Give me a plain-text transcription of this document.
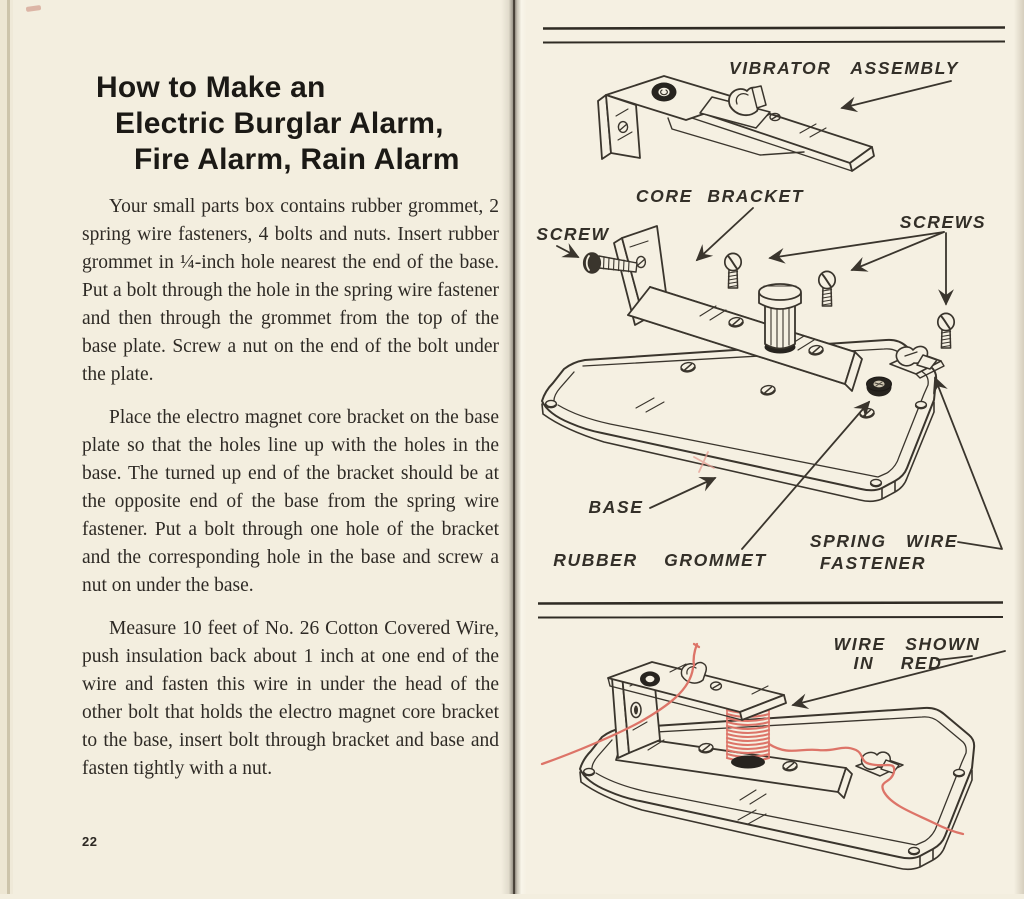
How to Make an
Electric Burglar Alarm,
Fire Alarm, Rain Alarm

Your small parts box contains rubber grommet, 2 spring wire fasteners, 4 bolts and nuts. Insert rubber grommet in ¼-inch hole nearest the end of the base. Put a bolt through the hole in the spring wire fastener and then through the grommet from the top of the base plate. Screw a nut on the end of the bolt under the plate.

Place the electro magnet core bracket on the base plate so that the holes line up with the holes in the base. The turned up end of the bracket should be at the opposite end of the base from the spring wire fastener. Put a bolt through one hole of the bracket and the corresponding hole in the base and screw a nut on under the base.

Measure 10 feet of No. 26 Cotton Covered Wire, push insulation back about 1 inch at one end of the wire and fasten this wire in under the head of the other bolt that holds the electro magnet core bracket to the base, insert bolt through bracket and base and fasten tightly with a nut.

22
VIBRATOR ASSEMBLY
CORE BRACKET
SCREW
SCREWS
BASE
RUBBER GROMMET
SPRING WIRE
FASTENER
WIRE SHOWN
IN RED
